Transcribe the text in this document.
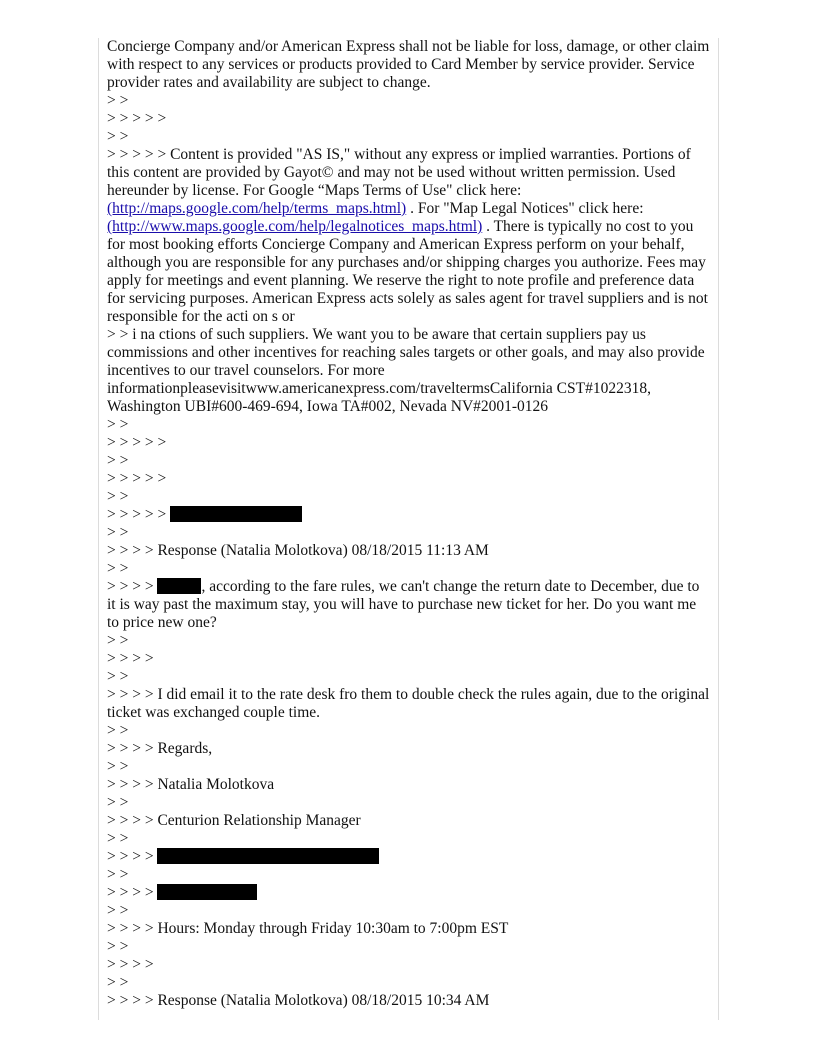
Concierge Company and/or American Express shall not be liable for loss, damage, or other claim with respect to any services or products provided to Card Member by service provider. Service provider rates and availability are subject to change.
> >
> > > > >
> >
> > > > > Content is provided "AS IS," without any express or implied warranties. Portions of this content are provided by Gayot© and may not be used without written permission. Used hereunder by license. For Google “Maps Terms of Use" click here: (http://maps.google.com/help/terms_maps.html) . For "Map Legal Notices" click here: (http://www.maps.google.com/help/legalnotices_maps.html) . There is typically no cost to you for most booking efforts Concierge Company and American Express perform on your behalf, although you are responsible for any purchases and/or shipping charges you authorize. Fees may apply for meetings and event planning. We reserve the right to note profile and preference data for servicing purposes. American Express acts solely as sales agent for travel suppliers and is not responsible for the acti on s or
> > i na ctions of such suppliers. We want you to be aware that certain suppliers pay us commissions and other incentives for reaching sales targets or other goals, and may also provide incentives to our travel counselors. For more informationpleasevisitwww.americanexpress.com/traveltermsCalifornia CST#1022318, Washington UBI#600-469-694, Iowa TA#002, Nevada NV#2001-0126
> >
> > > > >
> >
> > > > >
> >
> > > > >
> >
> > > > Response (Natalia Molotkova) 08/18/2015 11:13 AM
> >
> > > >	, according to the fare rules, we can't change the return date to December, due to it is way past the maximum stay, you will have to purchase new ticket for her. Do you want me to price new one?
> >
> > > >
> >
> > > > I did email it to the rate desk fro them to double check the rules again, due to the original ticket was exchanged couple time.
> >
> > > > Regards,
> >
> > > > Natalia Molotkova
> >
> > > > Centurion Relationship Manager
> >
> > > >
> >
> > > >
> >
> > > > Hours: Monday through Friday 10:30am to 7:00pm EST
> >
> > > >
> >
> > > > Response (Natalia Molotkova) 08/18/2015 10:34 AM
